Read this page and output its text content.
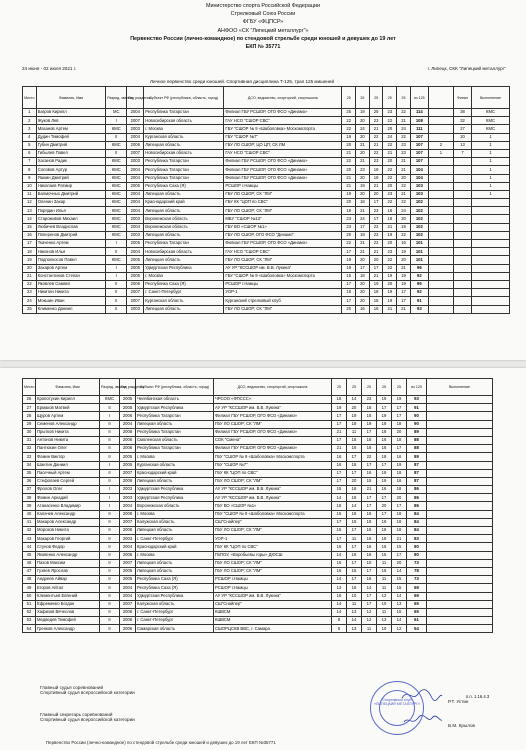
Министерство спорта Российской Федерации
Стрелковый Союз России
ФГБУ «ФЦПСР»
АНФОО «СК "Липецкий металлург"»
Первенство России (лично-командное) по стендовой стрельбе среди юношей и девушек до 19 лет
ЕКП № 35771
24 июня - 02 июля 2021 г.	г. Липецк, СКК "Липецкий металлург"
Личное первенство среди юношей. Спортивная дисциплина Т-125, трап 125 мишеней
Место	Фамилия, Имя	Разряд, звание	Год рождения	Субъект РФ (республика, область, город)	ДСО, ведомство, спорторгий, спортшкола	25	25	25	25	25	из 125		Финал	Выполнение
1	Багров Кирилл	МС	2004	Республика Татарстан	Филиал ГБУ РСШОР, ОГО ФСО «Динамо»	25	19	25	23	22	114		38	КМС
2	Жуков Лев	I	2007	Новосибирская область	ГАУ НСО "СШОР СВС"	22	20	23	22	21	108		32	КМС
3	Мазанов Артем	КМС	2003	г. Москва	ГБУ "СШОР № 9 «Шаболовка» Москомспорта	22	24	21	20	24	111		27	КМС
4	Дудин Тимофей	II	2004	Курганская область	ГБУ "СШОР №7"	19	20	22	24	22	107		20	1
5	Губин Дмитрий	КМС	2006	Липецкая область	ГБУ ЛО СШОР; ЦО ЦП; СК ЛМ	20	21	21	22	23	107	2	13	1
6	Гибылев Павел	II	2007	Новосибирская область	ГАУ НСО "СШОР СВС"	21	20	22	21	23	107	1	7	1
7	Хасанов Радик	КМС	2003	Республика Татарстан	Филиал ГБУ РСШОР, ОГО ФСО «Динамо»	22	21	23	20	21	107			1
8	Соловов Артур	КМС	2004	Республика Татарстан	Филиал ГБУ РСШОР, ОГО ФСО «Динамо»	20	23	18	22	21	104			1
9	Яшкин Дмитрий	КМС	2004	Республика Татарстан	Филиал ГБУ РСШОР, ОГО ФСО «Динамо»	21	20	18	22	20	104			1
10	Николаев Ратмир	КМС	2005	Республика Саха (Я)	РСШОР г.Намцы	21	19	21	20	22	103			1
11	Балмочных Дмитрий	КМС	2004	Липецкая область	ГБУ ЛО СШОР; СК "ЛМ"	19	20	20	23	21	103			1
12	Оленин Захар	КМС	2004	Краснодарский край	ГБУ КК "ЦОП по СВС"	20	18	17	22	22	102			
13	Порядин Илья	КМС	2004	Липецкая область	ГБУ ЛО СШОР; СК "ЛМ"	18	21	23	16	24	102			
14	Староживов Михаил	КМС	2003	Воронежская область	МБУ "СШОР №13"	23	24	17	18	20	102			
15	Любичев Владислав	КМС	2004	Воронежская область	ГБУ ВО «СШОР №1»	23	17	22	21	19	102			
16	Поперенов Дмитрий	КМС	2003	Липецкая область	ГБУ ЛО СШОР, ОГО ФСО "Динамо"	20	19	22	19	22	102			
17	Ткаченко Артем	I	2005	Республика Татарстан	Филиал ГБУ РСШОР, ОГО ФСО «Динамо»	22	21	22	20	16	101			
18	Никонов Илья	II	2004	Новосибирская область	ГАУ НСО "СШОР СВС"	17	21	21	23	19	101			
19	Подполкосов Павел	КМС	2005	Липецкая область	ГБУ ЛО СШОР; СК "ЛМ"	19	20	20	22	20	101			
20	Захаров Артем	I	2005	Удмуртская Республика	АУ УР "КССШОР им. В.В. Лукина"	19	17	17	22	21	96			
21	Константинов Степан	I	2005	г. Москва	ГБУ "СШОР № 9 «Шаболовка» Москомспорта	15	18	21	19	19	92			
22	Яковлев Самвел	II	2006	Республика Саха (Я)	РСШОР г.Намцы	17	20	19	20	19	95			
23	Никитин Никита	II	2007	г. Санкт-Петербург	УОР-1	18	20	18	19	17	92			
24	Мокшин Иван	II	2007	Курганская область	Курганский стрелковый клуб	17	20	18	19	17	91			
25	Клименко Даниил	II	2003	Липецкая область	ГБУ ЛО СШОР; СК "ЛМ"	20	16	18	21	21	93			
Место	Фамилия, Имя	Разряд, звание	Год рождения	Субъект РФ (республика, область, город)	ДСО, ведомство, спорторгий, спортшкола	25	25	25	25	25	из 125	Выполнение
26	Кропотухин Кирилл	КМС	2005	Челябинская область	ЧРСОО «ФПССС»	18	14	23	19	19	93	
27	Ермаков Матвей	II	2005	Удмуртская Республика	АУ УР "КССШОР им. В.В. Лукина"	19	20	18	17	17	91	
28	Щуров Артем	I	2006	Республика Татарстан	Филиал ГБУ РСШОР, ОГО ФСО «Динамо»	17	19	18	19	17	90	
29	Семенов Александр	II	2004	Липецкая область	ГБУ ЛО СШОР; СК "ЛМ"	17	18	19	18	18	90	
30	Прытков Никита	II	2008	Республика Татарстан	Филиал ГБУ РСШОР, ОГО ФСО «Динамо»	21	11	17	18	20	89	
31	Антонов Никита	II	2006	Смоленская область	СОК "Смена"	17	18	18	16	18	88	
32	Пантюхин Олег	II	2006	Республика Татарстан	Филиал ГБУ РСШОР, ОГО ФСО «Динамо»	21	16	18	16	17	88	
33	Фомин Виктор	II	2005	г. Москва	ГБУ "СШОР № 9 «Шаболовка» Москомспорта	16	17	22	18	16	89	
34	Шантин Даниил	I	2005	Курганская область	ГБУ "СШОР №7"	16	18	17	17	19	87	
35	Пасечный Артем	II	2007	Краснодарский край	ГБУ КК "ЦОП по СВС"	17	17	16	19	18	87	
36	Стефолаев Сергей	II	2006	Липецкая область	ГБУ ЛО СШОР; СК "ЛМ"	17	20	15	19	16	87	
37	Фролов Олег	I	2003	Удмуртская Республика	АУ УР "КССШОР им. В.В. Лукина"	15	16	21	16	18	86	
38	Фомин Аркадий	I	2003	Удмуртская Республика	АУ УР "КССШОР им. В.В. Лукина"	14	18	17	17	20	86	
39	Атанасенко Владимир	I	2004	Воронежская область	ГБУ ВО «СШОР №1»	18	14	17	20	17	86	
40	Калачев Александр	II	2008	г. Москва	ГБУ "СШОР № 9 «Шаболовка» Москомспорта	15	18	16	17	18	84	
41	Макаров Александр	II	2007	Калужская область	СШ"Снайпер"	17	15	18	16	18	84	
42	Морозов Никита	II	2006	Липецкая область	ГБУ ЛО СШОР; СК "ЛМ"	15	17	16	18	18	84	
43	Макаров Георгий	II	2003	г. Санкт-Петербург	УОР-1	17	11	16	18	21	83	
44	Стунов Федор	II	2004	Краснодарский край	ГБУ КК "ЦОП по СВС"	16	17	16	16	15	80	
45	Яковенко Александр	II	2006	г. Москва	ГБПОУ, «Воробьевы горы» ДЮСШ	14	18	16	15	17	80	
46	Пахов Максим	II	2007	Липецкая область	ГБУ ЛО СШОР; СК "ЛМ"	15	17	10	11	20	73	
47	Гузяев Ярослав	II	2005	Липецкая область	ГБУ ЛО СШОР; СК "ЛМ"	16	15	17	16	14	78	
48	Андреев Айвар	II	2005	Республика Саха (Я)	РСШОР г.Намцы	14	17	16	11	15	73	
49	Егоров Айтал	II	2004	Республика Саха (Я)	РСШОР г.Намцы	13	16	14	11	15	69	
50	Клементьев Евгений	II	2004	Удмуртская Республика	АУ УР "КССШОР им. В.В. Лукина"	16	10	17	12	14	69	
51	Ефременко Богдан	II	2007	Калужская область	СШ"Снайпер"	14	11	17	10	13	65	
52	Хафизов Вячеслав	II	2006	г. Санкт-Петербург	КШВСМ	14	13	12	11	15	65	
53	Медведев Тимофей	II	2006	г. Санкт-Петербург	КШВСМ	8	14	12	13	14	61	
54	Гренков Александр	II	2006	Самарская область	СШОРЦСКВ ВВС, г. Самара	8	13	11	10	12	54	
п.п. 1.16.4.3
Главный судья соревнований
Спортивный судья всероссийской категории
Главный секретарь соревнований
Спортивный судья всероссийской категории
Р.Т. Устин
В.М. Крылов
Спортивный клуб «ЛИПЕЦКИЙ МЕТАЛЛУРГ»
Первенство России (лично-командное) по стендовой стрельбе среди юношей и девушек до 19 лет ЕКП №35771
